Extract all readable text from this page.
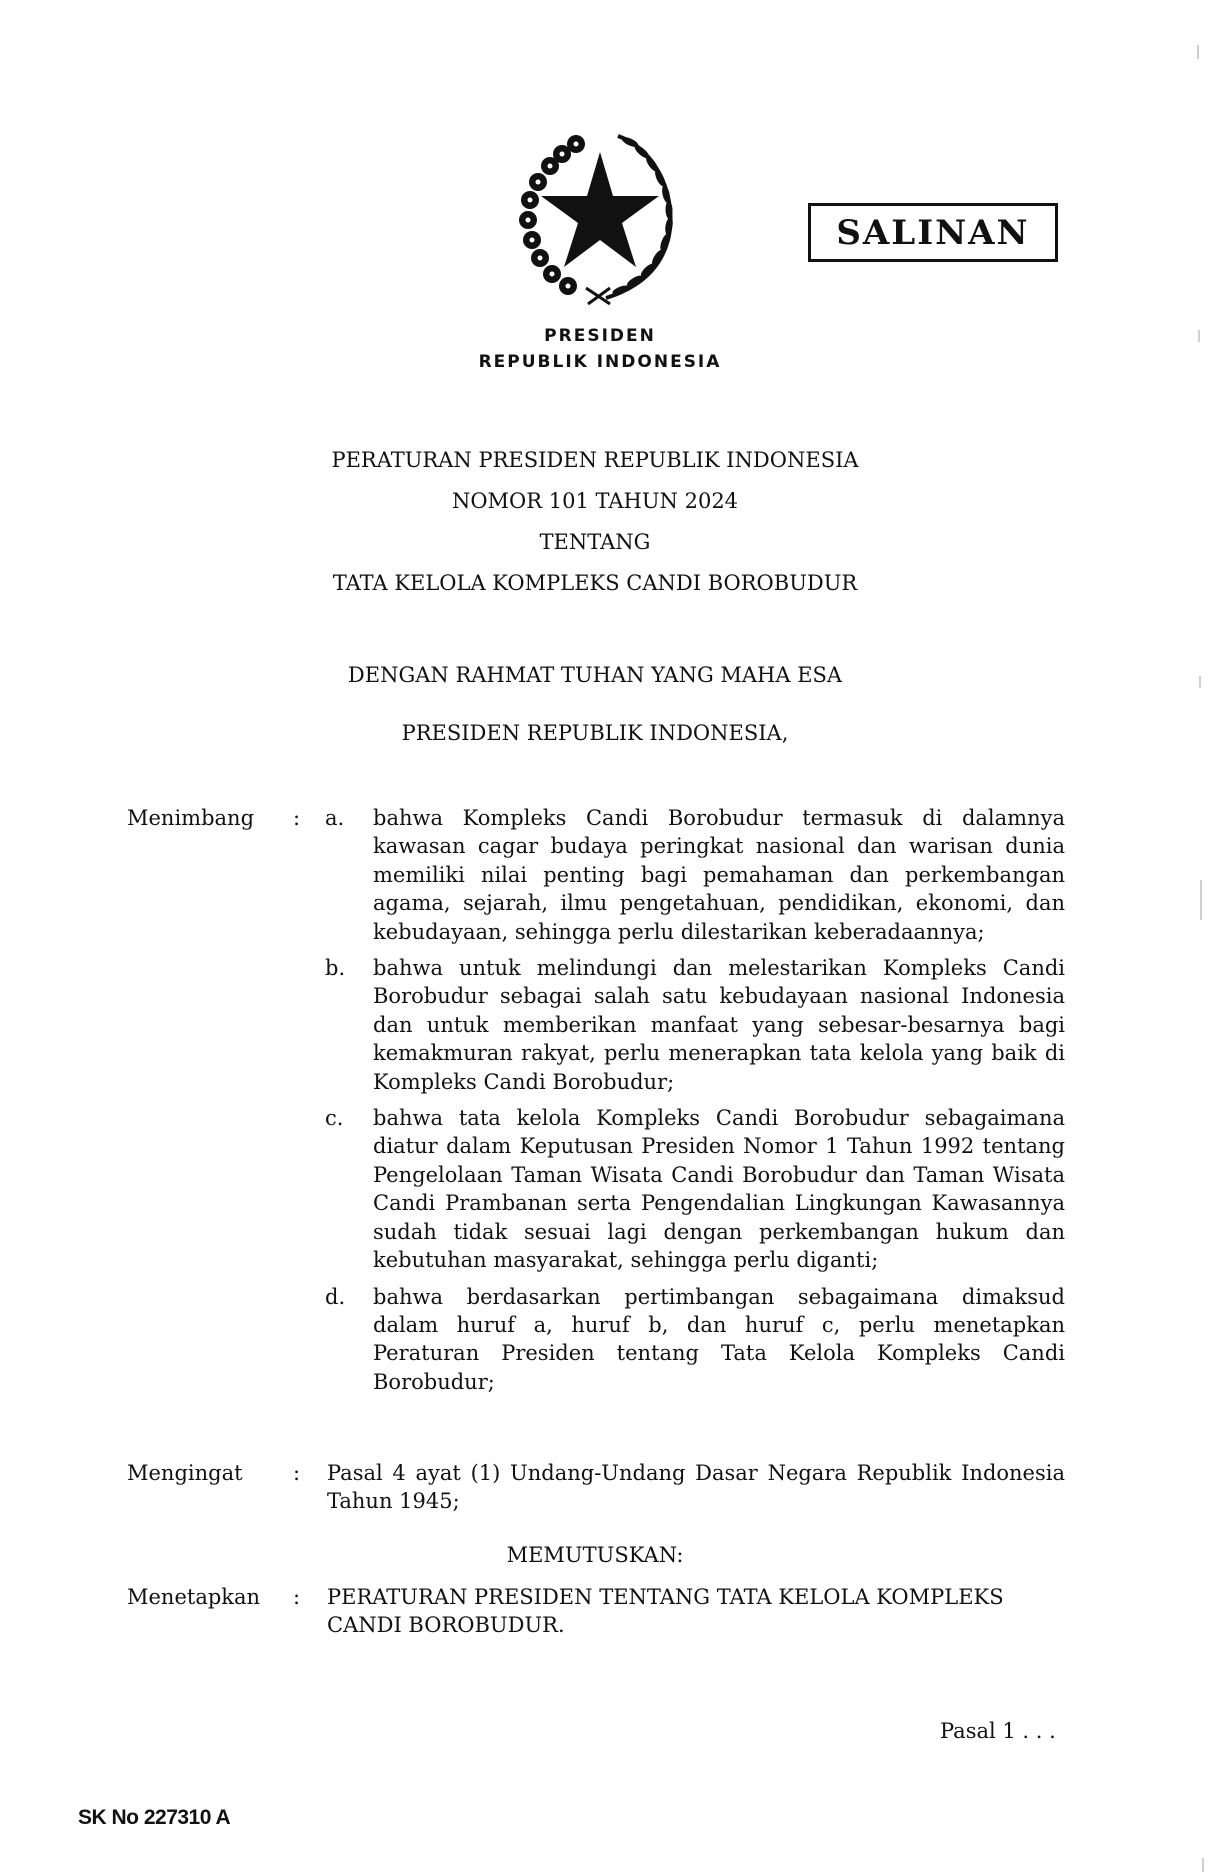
PRESIDEN
REPUBLIK INDONESIA
SALINAN
PERATURAN PRESIDEN REPUBLIK INDONESIA
NOMOR 101 TAHUN 2024
TENTANG
TATA KELOLA KOMPLEKS CANDI BOROBUDUR
DENGAN RAHMAT TUHAN YANG MAHA ESA
PRESIDEN REPUBLIK INDONESIA,
Menimbang : a. bahwa Kompleks Candi Borobudur termasuk di dalamnya kawasan cagar budaya peringkat nasional dan warisan dunia memiliki nilai penting bagi pemahaman dan perkembangan agama, sejarah, ilmu pengetahuan, pendidikan, ekonomi, dan kebudayaan, sehingga perlu dilestarikan keberadaannya;
b. bahwa untuk melindungi dan melestarikan Kompleks Candi Borobudur sebagai salah satu kebudayaan nasional Indonesia dan untuk memberikan manfaat yang sebesar-besarnya bagi kemakmuran rakyat, perlu menerapkan tata kelola yang baik di Kompleks Candi Borobudur;
c. bahwa tata kelola Kompleks Candi Borobudur sebagaimana diatur dalam Keputusan Presiden Nomor 1 Tahun 1992 tentang Pengelolaan Taman Wisata Candi Borobudur dan Taman Wisata Candi Prambanan serta Pengendalian Lingkungan Kawasannya sudah tidak sesuai lagi dengan perkembangan hukum dan kebutuhan masyarakat, sehingga perlu diganti;
d. bahwa berdasarkan pertimbangan sebagaimana dimaksud dalam huruf a, huruf b, dan huruf c, perlu menetapkan Peraturan Presiden tentang Tata Kelola Kompleks Candi Borobudur;
Mengingat : Pasal 4 ayat (1) Undang-Undang Dasar Negara Republik Indonesia Tahun 1945;
MEMUTUSKAN:
Menetapkan : PERATURAN PRESIDEN TENTANG TATA KELOLA KOMPLEKS CANDI BOROBUDUR.
Pasal 1 . . .
SK No 227310 A
